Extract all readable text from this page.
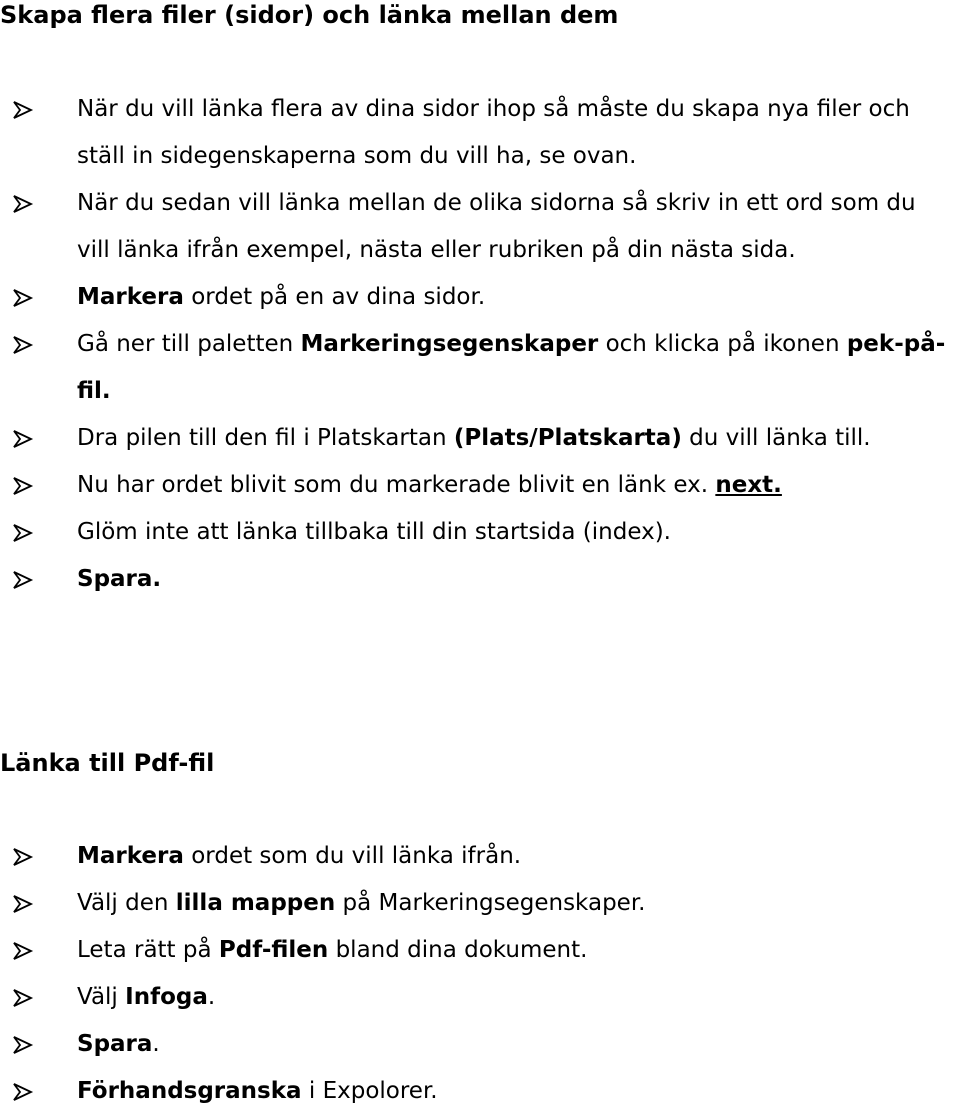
Skapa flera filer (sidor) och länka mellan dem
När du vill länka flera av dina sidor ihop så måste du skapa nya filer och ställ in sidegenskaperna som du vill ha, se ovan.
När du sedan vill länka mellan de olika sidorna så skriv in ett ord som du vill länka ifrån exempel, nästa eller rubriken på din nästa sida.
Markera ordet på en av dina sidor.
Gå ner till paletten Markeringsegenskaper och klicka på ikonen pek-på-fil.
Dra pilen till den fil i Platskartan (Plats/Platskarta) du vill länka till.
Nu har ordet blivit som du markerade blivit en länk ex. next.
Glöm inte att länka tillbaka till din startsida (index).
Spara.
Länka till Pdf-fil
Markera ordet som du vill länka ifrån.
Välj den lilla mappen på Markeringsegenskaper.
Leta rätt på Pdf-filen bland dina dokument.
Välj Infoga.
Spara.
Förhandsgranska i Expolorer.
